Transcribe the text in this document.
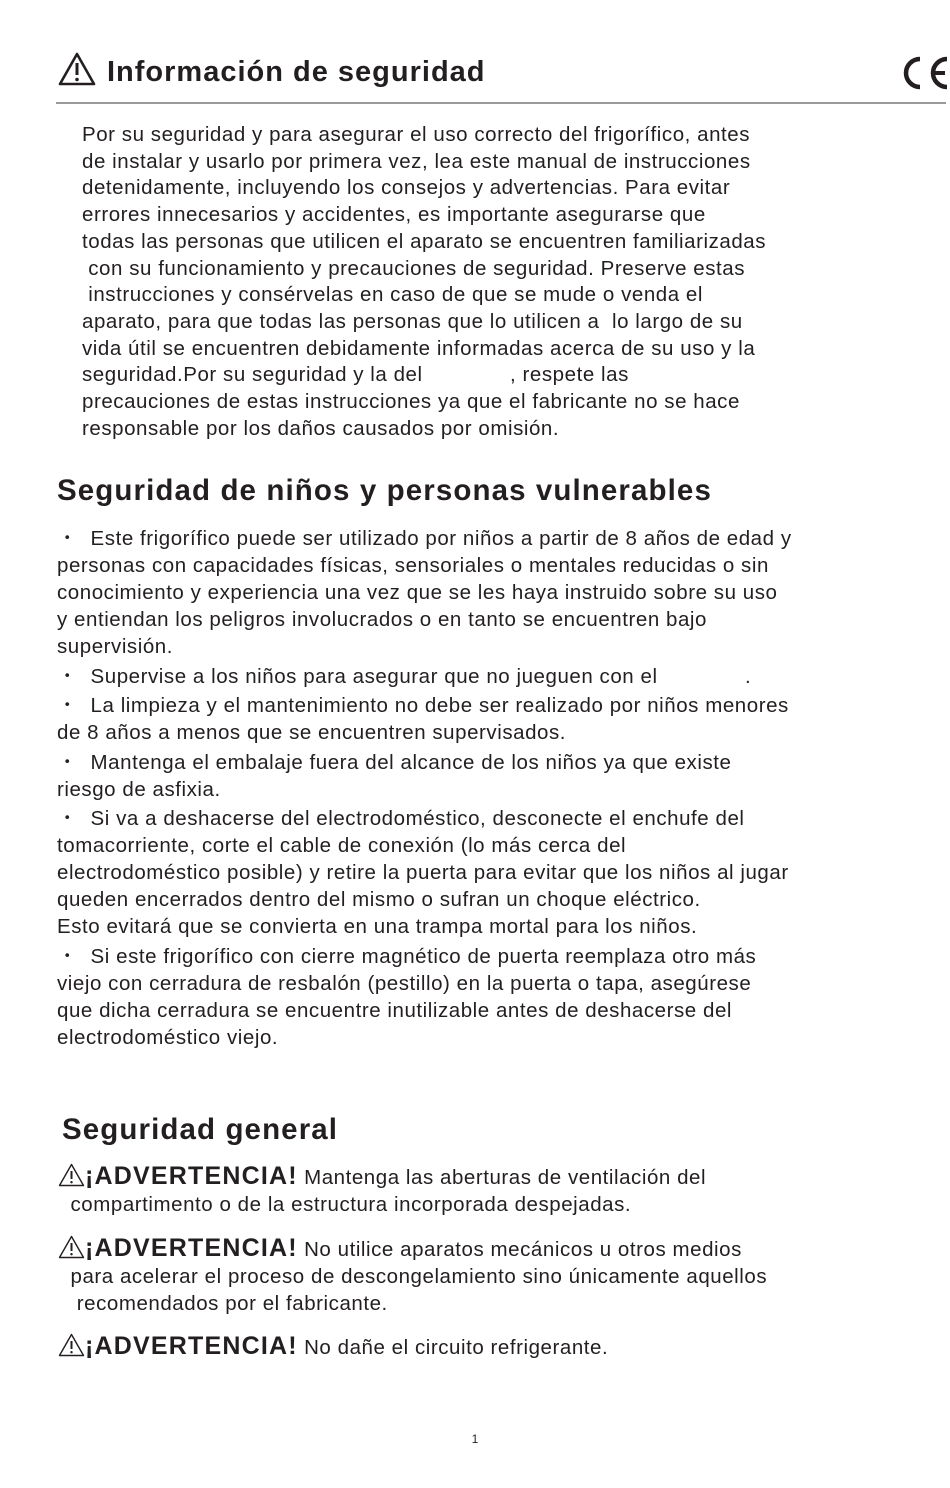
Información de seguridad
Por su seguridad y para asegurar el uso correcto del frigorífico, antes
de instalar y usarlo por primera vez, lea este manual de instrucciones
detenidamente, incluyendo los consejos y advertencias. Para evitar
errores innecesarios y accidentes, es importante asegurarse que
todas las personas que utilicen el aparato se encuentren familiarizadas
con su funcionamiento y precauciones de seguridad. Preserve estas
instrucciones y consérvelas en caso de que se mude o venda el
aparato, para que todas las personas que lo utilicen a  lo largo de su
vida útil se encuentren debidamente informadas acerca de su uso y la
seguridad.Por su seguridad y la del              , respete las
precauciones de estas instrucciones ya que el fabricante no se hace
responsable por los daños causados por omisión.
Seguridad de niños y personas vulnerables
・  Este frigorífico puede ser utilizado por niños a partir de 8 años de edad y
personas con capacidades físicas, sensoriales o mentales reducidas o sin
conocimiento y experiencia una vez que se les haya instruido sobre su uso
y entiendan los peligros involucrados o en tanto se encuentren bajo
supervisión.
・  Supervise a los niños para asegurar que no jueguen con el              .
・  La limpieza y el mantenimiento no debe ser realizado por niños menores
de 8 años a menos que se encuentren supervisados.
・  Mantenga el embalaje fuera del alcance de los niños ya que existe
riesgo de asfixia.
・  Si va a deshacerse del electrodoméstico, desconecte el enchufe del
tomacorriente, corte el cable de conexión (lo más cerca del
electrodoméstico posible) y retire la puerta para evitar que los niños al jugar
queden encerrados dentro del mismo o sufran un choque eléctrico.
Esto evitará que se convierta en una trampa mortal para los niños.
・  Si este frigorífico con cierre magnético de puerta reemplaza otro más
viejo con cerradura de resbalón (pestillo) en la puerta o tapa, asegúrese
que dicha cerradura se encuentre inutilizable antes de deshacerse del
electrodoméstico viejo.
Seguridad general
¡ADVERTENCIA! Mantenga las aberturas de ventilación del
compartimento o de la estructura incorporada despejadas.
¡ADVERTENCIA! No utilice aparatos mecánicos u otros medios
para acelerar el proceso de descongelamiento sino únicamente aquellos
recomendados por el fabricante.
¡ADVERTENCIA! No dañe el circuito refrigerante.
1
